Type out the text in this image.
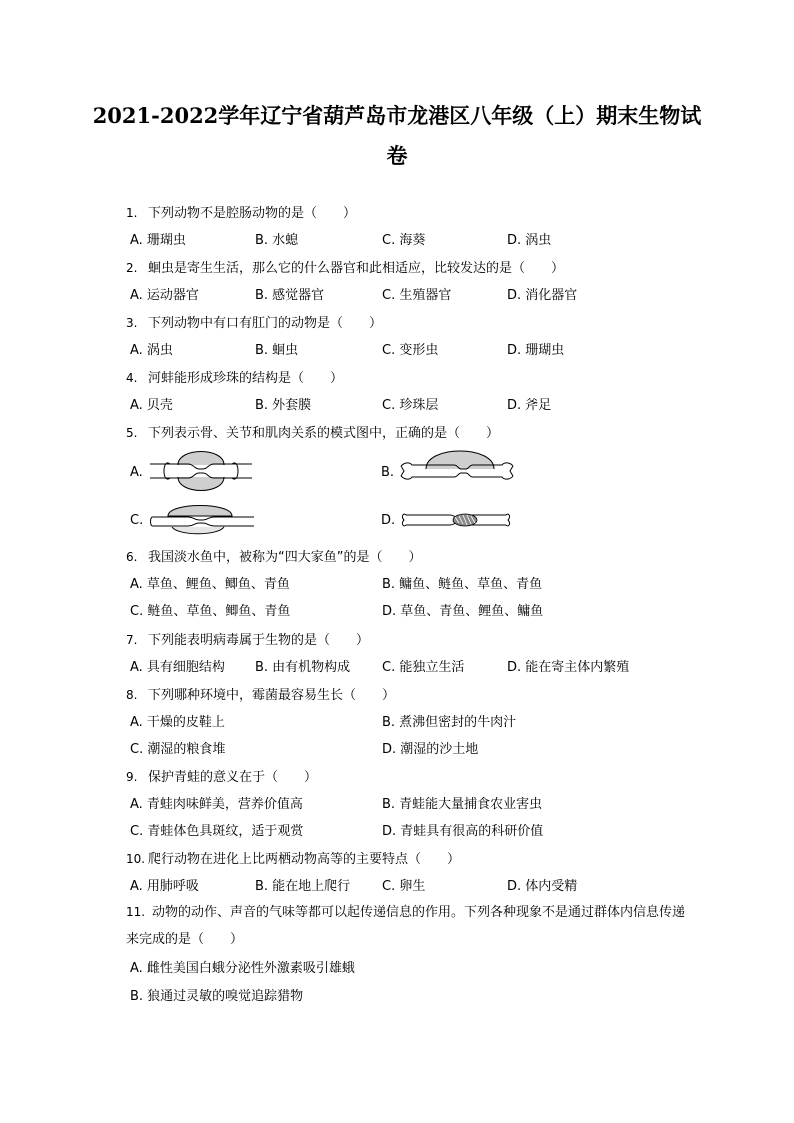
2021-2022学年辽宁省葫芦岛市龙港区八年级（上）期末生物试
卷
1. 下列动物不是腔肠动物的是（　　）
A. 珊瑚虫	B. 水螅	C. 海葵	D. 涡虫
2. 蛔虫是寄生生活，那么它的什么器官和此相适应，比较发达的是（　　）
A. 运动器官	B. 感觉器官	C. 生殖器官	D. 消化器官
3. 下列动物中有口有肛门的动物是（　　）
A. 涡虫	B. 蛔虫	C. 变形虫	D. 珊瑚虫
4. 河蚌能形成珍珠的结构是（　　）
A. 贝壳	B. 外套膜	C. 珍珠层	D. 斧足
5. 下列表示骨、关节和肌肉关系的模式图中，正确的是（　　）
A.	B.
C.	D.
6. 我国淡水鱼中，被称为“四大家鱼”的是（　　）
A. 草鱼、鲤鱼、鲫鱼、青鱼	B. 鳙鱼、鲢鱼、草鱼、青鱼
C. 鲢鱼、草鱼、鲫鱼、青鱼	D. 草鱼、青鱼、鲤鱼、鳙鱼
7. 下列能表明病毒属于生物的是（　　）
A. 具有细胞结构 B. 由有机物构成 C. 能独立生活	D. 能在寄主体内繁殖
8. 下列哪种环境中，霉菌最容易生长（　　）
A. 干燥的皮鞋上	B. 煮沸但密封的牛肉汁
C. 潮湿的粮食堆	D. 潮湿的沙土地
9. 保护青蛙的意义在于（　　）
A. 青蛙肉味鲜美，营养价值高	B. 青蛙能大量捕食农业害虫
C. 青蛙体色具斑纹，适于观赏	D. 青蛙具有很高的科研价值
10. 爬行动物在进化上比两栖动物高等的主要特点（　　）
A. 用肺呼吸	B. 能在地上爬行 C. 卵生	D. 体内受精
11. 动物的动作、声音的气味等都可以起传递信息的作用。下列各种现象不是通过群体内信息传递来完成的是（　　）
A. 雌性美国白蛾分泌性外激素吸引雄蛾
B. 狼通过灵敏的嗅觉追踪猎物
